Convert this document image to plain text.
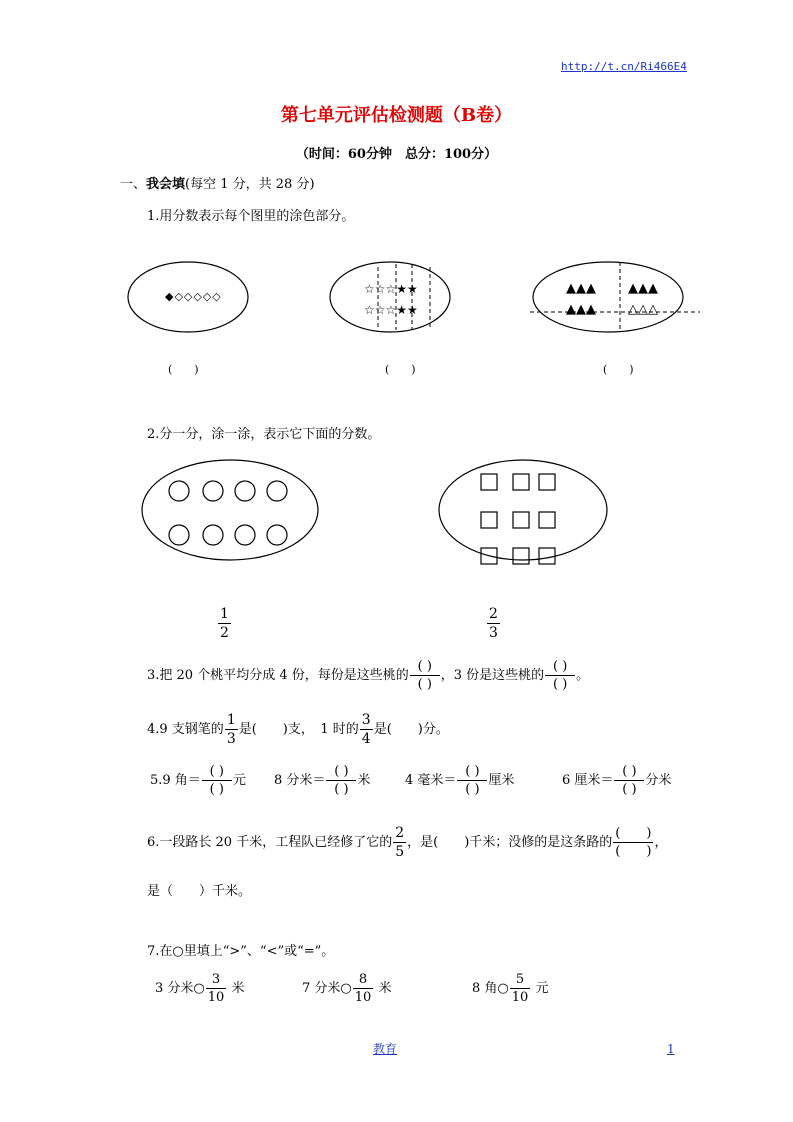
http://t.cn/Ri466E4
第七单元评估检测题（B卷）
（时间：60分钟　总分：100分）
一、我会填(每空 1 分，共 28 分)
1.用分数表示每个图里的涂色部分。
◆◇◇◇◇◇
☆☆☆★★
☆☆☆★★
▲▲▲ ▲▲▲
▲▲▲ △△△
(　　)	(　　)	(　　)
2.分一分，涂一涂，表示它下面的分数。
$\frac{1}{2}$	$\frac{2}{3}$
3.把 20 个桃平均分成 4 份，每份是这些桃的 $\frac{( )}{( )}$ ，3 份是这些桃的 $\frac{( )}{( )}$ 。
4.9 支钢笔的 $\frac{1}{3}$ 是(　　)支，　1 时的 $\frac{3}{4}$ 是(　　)分。
5.9 角＝ $\frac{( )}{( )}$ 元 8 分米＝ $\frac{( )}{( )}$ 米	4 毫米＝ $\frac{( )}{( )}$ 厘米	6 厘米＝ $\frac{( )}{( )}$ 分米
6.一段路长 20 千米，工程队已经修了它的 $\frac{2}{5}$ ，是(　　)千米；没修的是这条路的 $\frac{( )}{( )}$ ，
是（　　）千米。
7.在○里填上“>”、“<”或“=”。
3 分米○ $\frac{3}{10}$ 米	7 分米○ $\frac{8}{10}$ 米	8 角○ $\frac{5}{10}$ 元
教育	1
